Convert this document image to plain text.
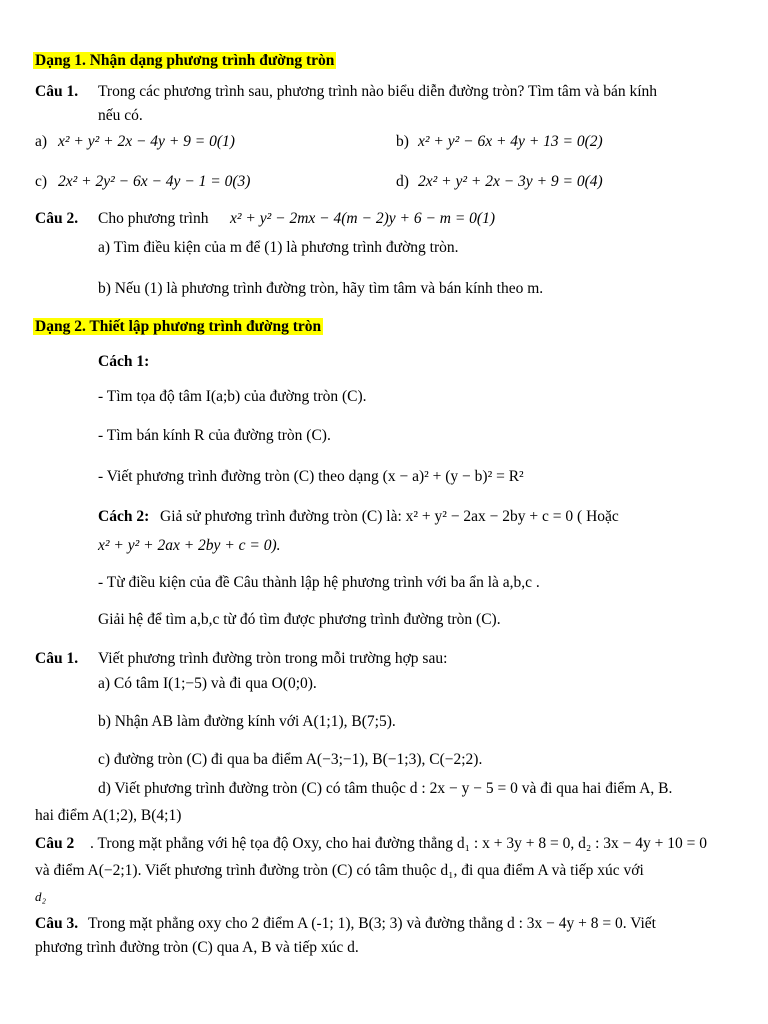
Dạng 1. Nhận dạng phương trình đường tròn
Câu 1. Trong các phương trình sau, phương trình nào biểu diễn đường tròn? Tìm tâm và bán kính
nếu có.
a) x² + y² + 2x − 4y + 9 = 0(1)	b) x² + y² − 6x + 4y + 13 = 0(2)
c) 2x² + 2y² − 6x − 4y − 1 = 0(3)	d) 2x² + y² + 2x − 3y + 9 = 0(4)
Câu 2. Cho phương trình x² + y² − 2mx − 4(m − 2)y + 6 − m = 0(1)
a) Tìm điều kiện của m để (1) là phương trình đường tròn.
b) Nếu (1) là phương trình đường tròn, hãy tìm tâm và bán kính theo m.
Dạng 2. Thiết lập phương trình đường tròn
Cách 1:
- Tìm tọa độ tâm I(a;b) của đường tròn (C).
- Tìm bán kính R của đường tròn (C).
- Viết phương trình đường tròn (C) theo dạng (x − a)² + (y − b)² = R²
Cách 2: Giả sử phương trình đường tròn (C) là: x² + y² − 2ax − 2by + c = 0 ( Hoặc
x² + y² + 2ax + 2by + c = 0).
- Từ điều kiện của đề Câu thành lập hệ phương trình với ba ẩn là a,b,c .
Giải hệ để tìm a,b,c từ đó tìm được phương trình đường tròn (C).
Câu 1. Viết phương trình đường tròn trong mỗi trường hợp sau:
a) Có tâm I(1;−5) và đi qua O(0;0).
b) Nhận AB làm đường kính với A(1;1), B(7;5).
c) đường tròn (C) đi qua ba điểm A(−3;−1), B(−1;3), C(−2;2).
d) Viết phương trình đường tròn (C) có tâm thuộc d : 2x − y − 5 = 0 và đi qua hai điểm A, B.
hai điểm A(1;2), B(4;1)
Câu 2 . Trong mặt phẳng với hệ tọa độ Oxy, cho hai đường thẳng d₁ : x + 3y + 8 = 0, d₂ : 3x − 4y + 10 = 0
và điểm A(−2;1). Viết phương trình đường tròn (C) có tâm thuộc d₁, đi qua điểm A và tiếp xúc với
d₂
Câu 3. Trong mặt phẳng oxy cho 2 điểm A (-1; 1), B(3; 3) và đường thẳng d : 3x − 4y + 8 = 0. Viết
phương trình đường tròn (C) qua A, B và tiếp xúc d.
